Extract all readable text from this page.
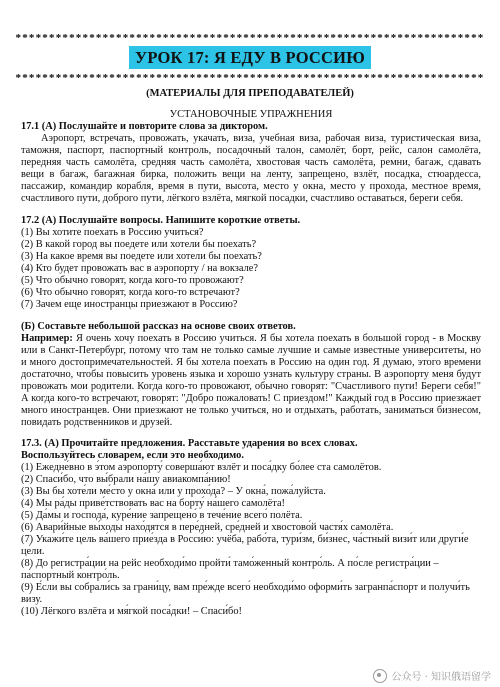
**********************************************************************
УРОК 17: Я ЕДУ В РОССИЮ
**********************************************************************
(МАТЕРИАЛЫ ДЛЯ ПРЕПОДАВАТЕЛЕЙ)
УСТАНОВОЧНЫЕ УПРАЖНЕНИЯ

17.1 (А) Послушайте и повторите слова за диктором.

Аэропорт, встречать, провожать, укачать, виза, учебная виза, рабочая виза, туристическая виза, таможня, паспорт, паспортный контроль, посадочный талон, самолёт, борт, рейс, салон самолёта, передняя часть самолёта, средняя часть самолёта, хвостовая часть самолёта, ремни, багаж, сдавать вещи в багаж, багажная бирка, положить вещи на ленту, запрещено, взлёт, посадка, стюардесса, пассажир, командир корабля, время в пути, высота, место у окна, место у прохода, местное время, счастливого пути, доброго пути, лёгкого взлёта, мягкой посадки, счастливо оставаться, береги себя.

17.2 (А) Послушайте вопросы. Напишите короткие ответы.

(1) Вы хотите поехать в Россию учиться?

(2) В какой город вы поедете или хотели бы поехать?

(3) На какое время вы поедете или хотели бы поехать?

(4) Кто будет провожать вас в аэропорту / на вокзале?

(5) Что обычно говорят, когда кого-то провожают?

(6) Что обычно говорят, когда кого-то встречают?

(7) Зачем еще иностранцы приезжают в Россию?

(Б) Составьте небольшой рассказ на основе своих ответов.

Например: Я очень хочу поехать в Россию учиться. Я бы хотела поехать в большой город - в Москву или в Санкт-Петербург, потому что там не только самые лучшие и самые известные университеты, но и много достопримечательностей. Я бы хотела поехать в Россию на один год. Я думаю, этого времени достаточно, чтобы повысить уровень языка и хорошо узнать культуру страны. В аэропорту меня будут провожать мои родители. Когда кого-то провожают, обычно говорят: "Счастливого пути! Береги себя!" А когда кого-то встречают, говорят: "Добро пожаловать! С приездом!" Каждый год в Россию приезжает много иностранцев. Они приезжают не только учиться, но и отдыхать, работать, заниматься бизнесом, повидать родственников и друзей.

17.3. (А) Прочитайте предложения. Расставьте ударения во всех словах.

Воспользуйтесь словарем, если это необходимо.

(1) Ежедне́вно в э́том аэропорту́ соверша́ют взлёт и поса́дку бо́лее ста самолётов.

(2) Спаси́бо, что вы́брали на́шу авиакомпа́нию!

(3) Вы бы хоте́ли ме́сто у окна́ или у прохо́да? – У окна́, пожа́луйста.

(4) Мы ра́ды приве́тствовать вас на борту́ на́шего самолёта!

(5) Да́мы и господа́, куре́ние запрещено́ в тече́ние всего́ полёта.

(6) Авари́йные вы́ходы нахо́дятся в пере́дней, сре́дней и хвостово́й частя́х самолёта.

(7) Укажи́те цель ва́шего прие́зда в Росси́ю: учёба, рабо́та, тури́зм, би́знес, ча́стный визи́т или други́е це́ли.

(8) До регистра́ции на рейс необходи́мо пройти́ тамо́женный контро́ль. А по́сле регистра́ции – па́спортный контро́ль.

(9) Е́сли вы собрали́сь за грани́цу, вам пре́жде всего́ необходи́мо оформи́ть загранпа́спорт и получи́ть ви́зу.

(10) Лёгкого взлёта и мя́гкой поса́дки! – Спаси́бо!

公众号 · 知识俄语留学
